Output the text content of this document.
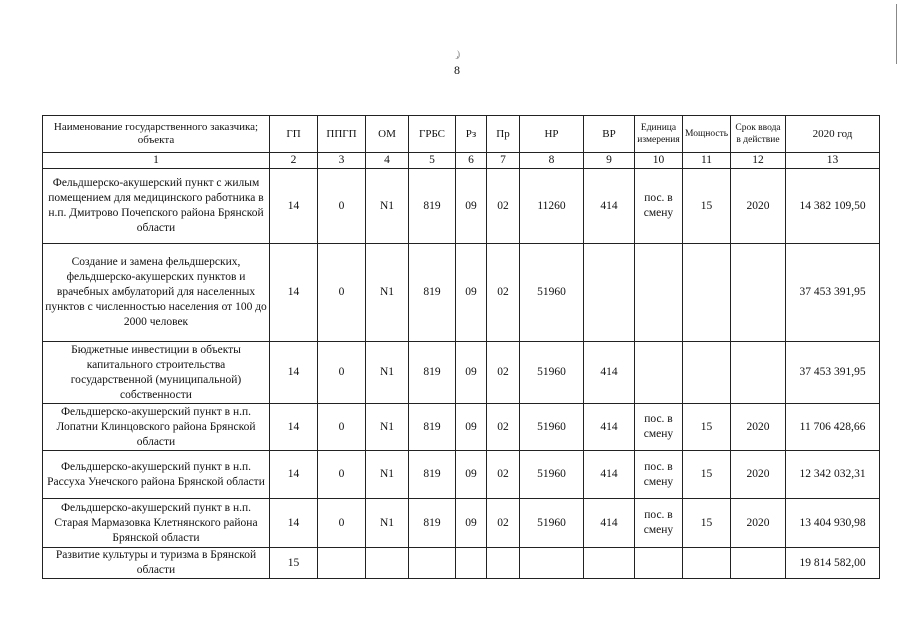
̡)
8
Наименование государственного заказчика; объекта	ГП	ППГП	ОМ	ГРБС	Рз	Пр	НР	ВР	Единица измерения	Мощность	Срок ввода в действие	2020 год
1	2	3	4	5	6	7	8	9	10	11	12	13
Фельдшерско-акушерский пункт с жилым помещением для медицинского работника в н.п. Дмитрово Почепского района Брянской области	14	0	N1	819	09	02	11260	414	пос. в смену	15	2020	14 382 109,50
Создание и замена фельдшерских, фельдшерско-акушерских пунктов и врачебных амбулаторий для населенных пунктов с численностью населения от 100 до 2000 человек	14	0	N1	819	09	02	51960					37 453 391,95
Бюджетные инвестиции в объекты капитального строительства государственной (муниципальной) собственности	14	0	N1	819	09	02	51960	414				37 453 391,95
Фельдшерско-акушерский пункт в н.п. Лопатни Клинцовского района Брянской области	14	0	N1	819	09	02	51960	414	пос. в смену	15	2020	11 706 428,66
Фельдшерско-акушерский пункт в н.п. Рассуха Унечского района Брянской области	14	0	N1	819	09	02	51960	414	пос. в смену	15	2020	12 342 032,31
Фельдшерско-акушерский пункт в н.п. Старая Мармазовка Клетнянского района Брянской области	14	0	N1	819	09	02	51960	414	пос. в смену	15	2020	13 404 930,98
Развитие культуры и туризма в Брянской области	15											19 814 582,00
